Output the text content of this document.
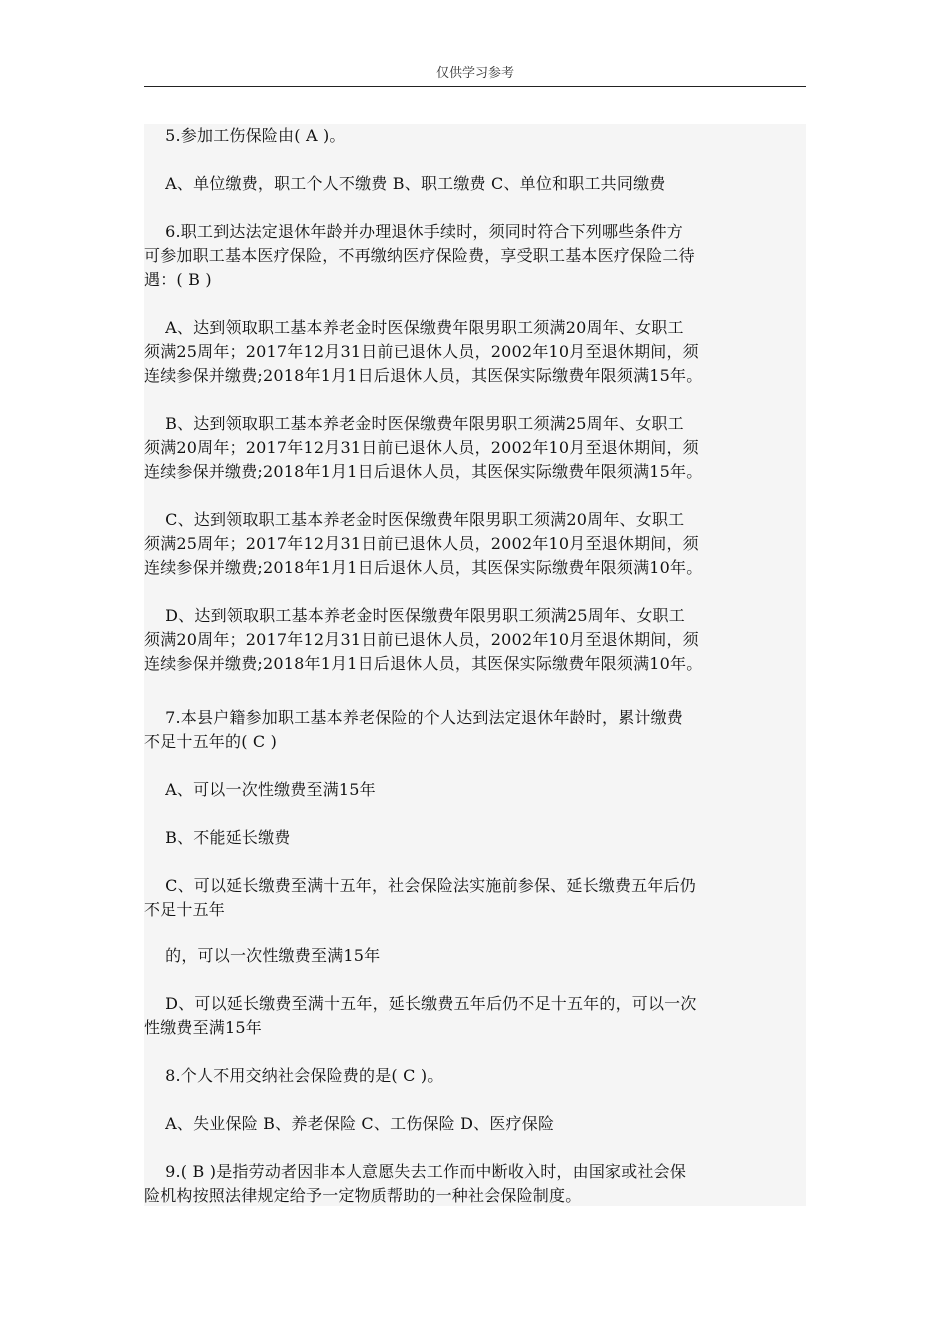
仅供学习参考
5.参加工伤保险由( A )。
A、单位缴费，职工个人不缴费 B、职工缴费 C、单位和职工共同缴费
6.职工到达法定退休年龄并办理退休手续时，须同时符合下列哪些条件方
可参加职工基本医疗保险，不再缴纳医疗保险费，享受职工基本医疗保险二待
遇：( B )
A、达到领取职工基本养老金时医保缴费年限男职工须满20周年、女职工
须满25周年；2017年12月31日前已退休人员，2002年10月至退休期间，须
连续参保并缴费;2018年1月1日后退休人员，其医保实际缴费年限须满15年。
B、达到领取职工基本养老金时医保缴费年限男职工须满25周年、女职工
须满20周年；2017年12月31日前已退休人员，2002年10月至退休期间，须
连续参保并缴费;2018年1月1日后退休人员，其医保实际缴费年限须满15年。
C、达到领取职工基本养老金时医保缴费年限男职工须满20周年、女职工
须满25周年；2017年12月31日前已退休人员，2002年10月至退休期间，须
连续参保并缴费;2018年1月1日后退休人员，其医保实际缴费年限须满10年。
D、达到领取职工基本养老金时医保缴费年限男职工须满25周年、女职工
须满20周年；2017年12月31日前已退休人员，2002年10月至退休期间，须
连续参保并缴费;2018年1月1日后退休人员，其医保实际缴费年限须满10年。
7.本县户籍参加职工基本养老保险的个人达到法定退休年龄时，累计缴费
不足十五年的( C )
A、可以一次性缴费至满15年
B、不能延长缴费
C、可以延长缴费至满十五年，社会保险法实施前参保、延长缴费五年后仍
不足十五年
的，可以一次性缴费至满15年
D、可以延长缴费至满十五年，延长缴费五年后仍不足十五年的，可以一次
性缴费至满15年
8.个人不用交纳社会保险费的是( C )。
A、失业保险 B、养老保险 C、工伤保险 D、医疗保险
9.( B )是指劳动者因非本人意愿失去工作而中断收入时，由国家或社会保
险机构按照法律规定给予一定物质帮助的一种社会保险制度。
